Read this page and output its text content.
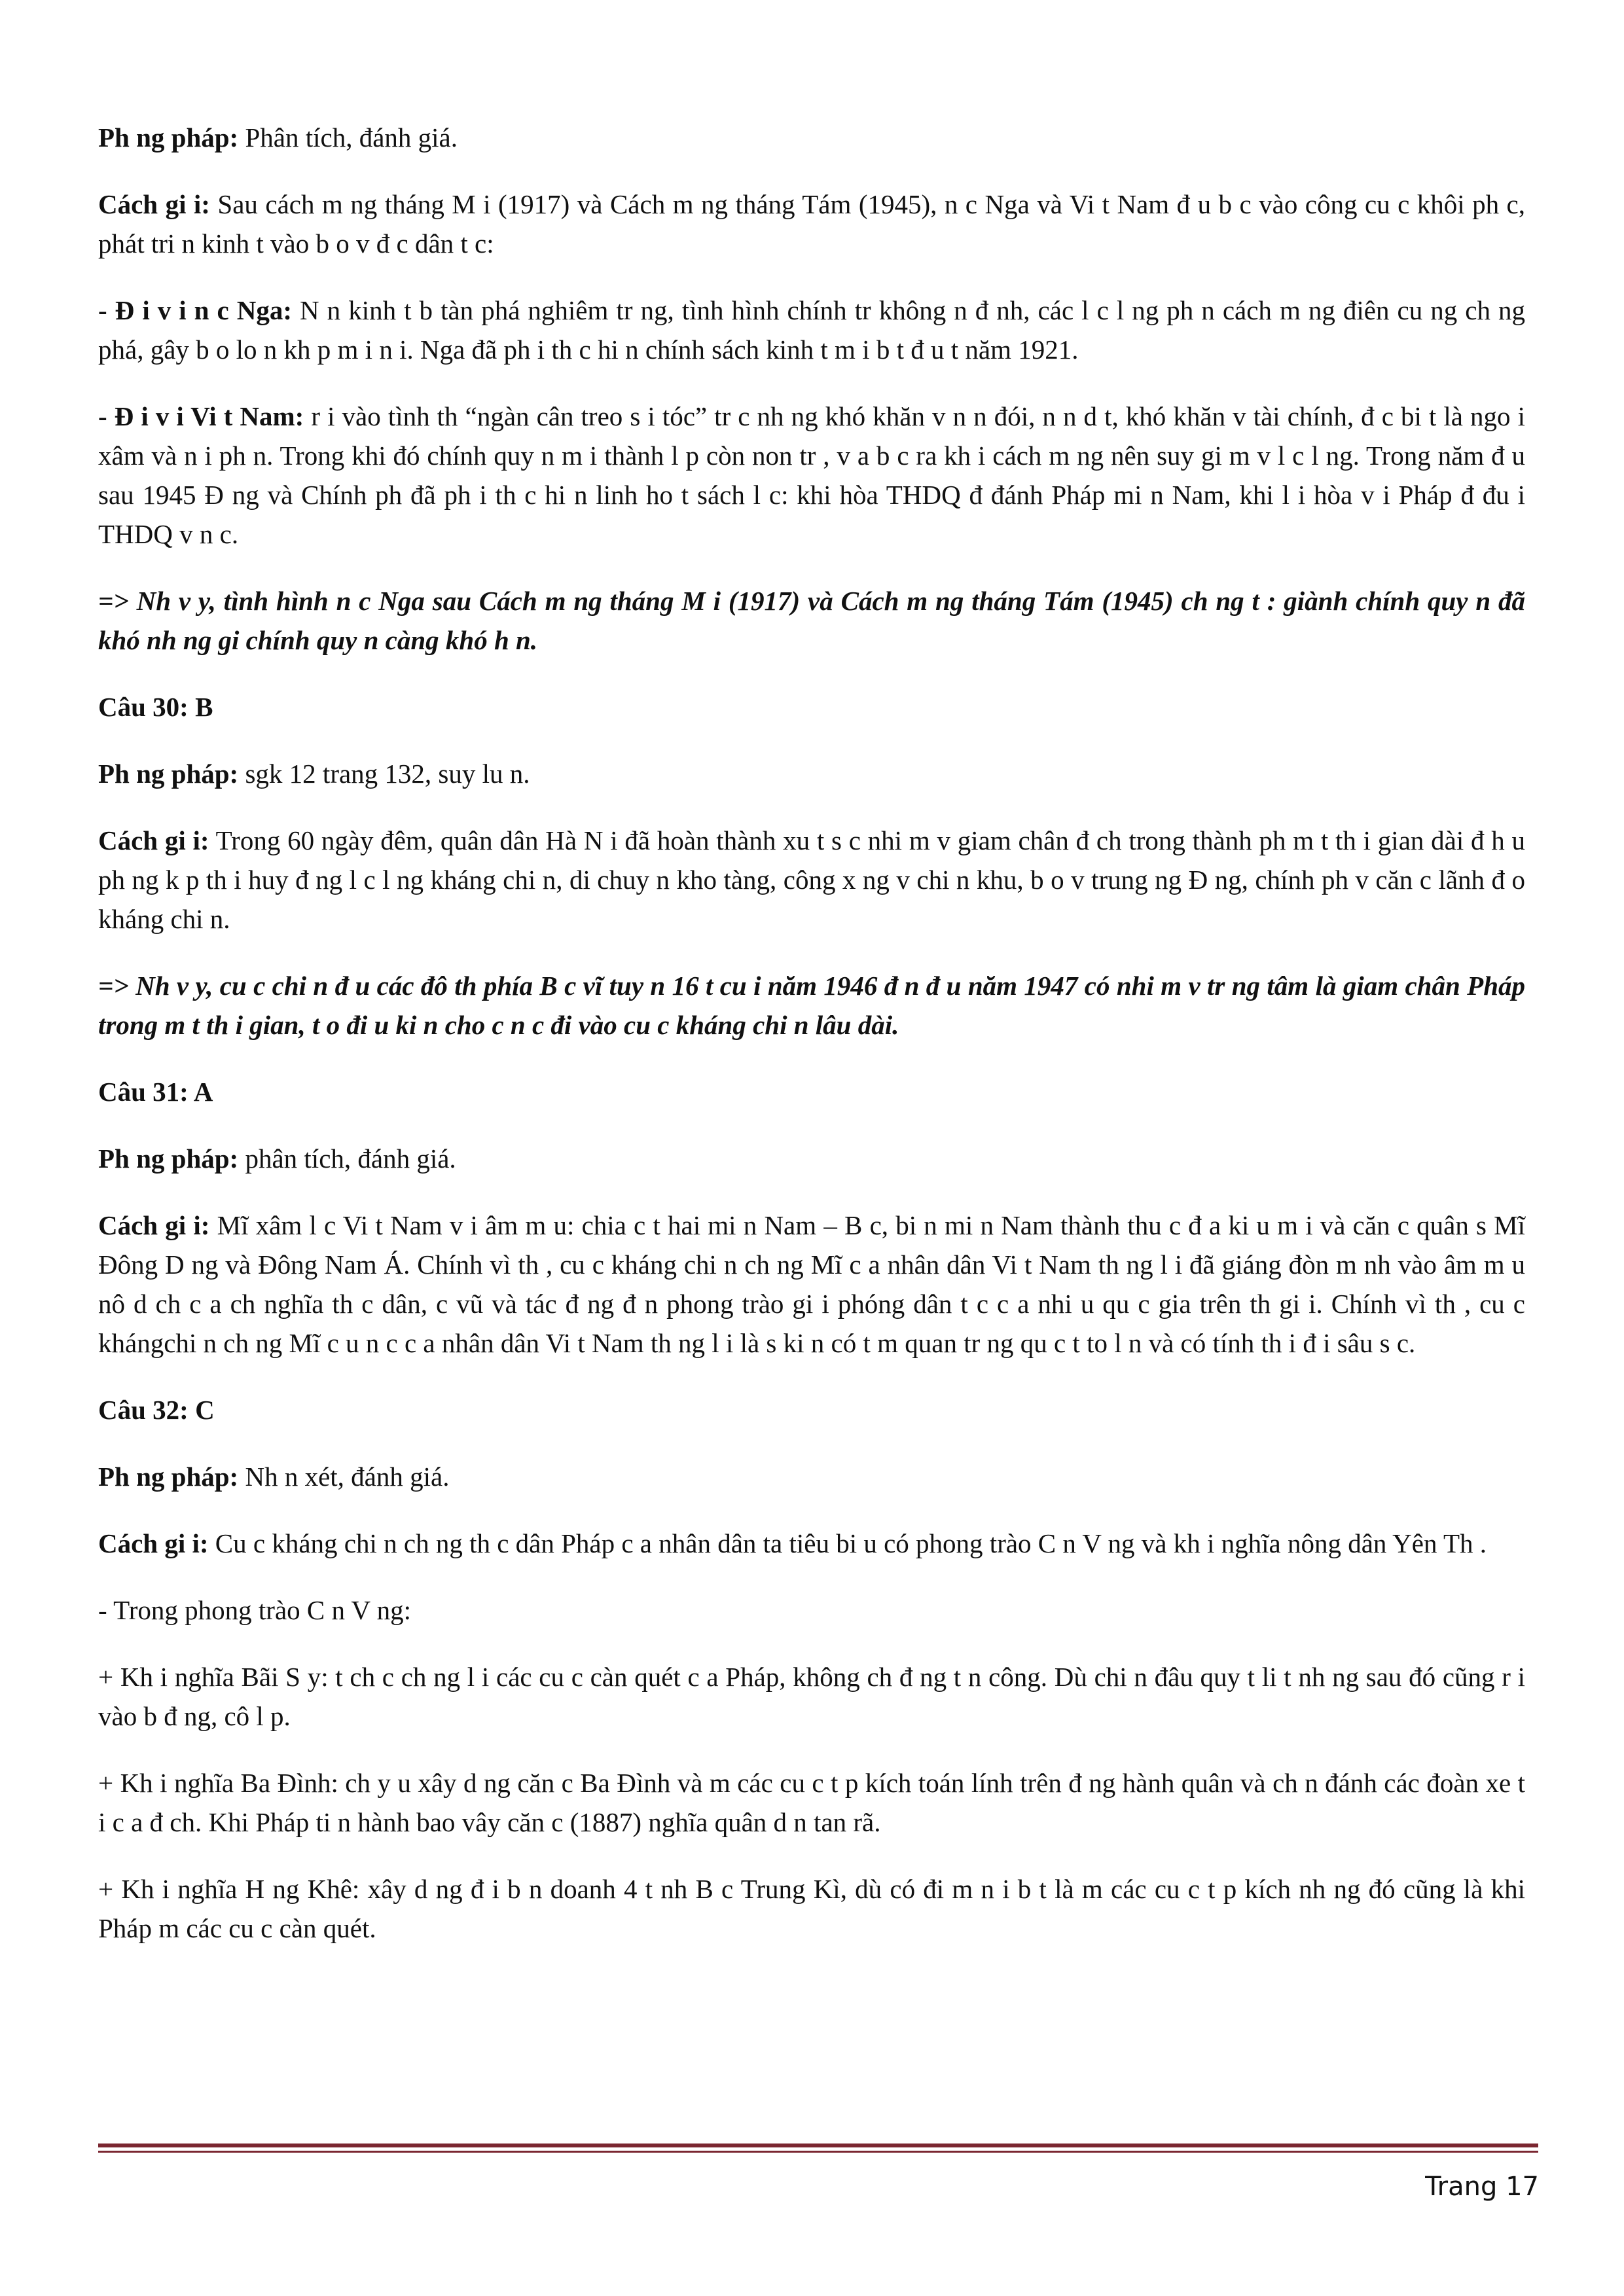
Ph ng pháp: Phân tích, đánh giá.

Cách gi i: Sau cách m ng tháng M i (1917) và Cách m ng tháng Tám (1945), n c Nga và Vi t Nam đ u b c vào công cu c khôi ph c, phát tri n kinh t vào b o v đ c dân t c:

- Đ i v i n c Nga: N n kinh t b tàn phá nghiêm tr ng, tình hình chính tr không n đ nh, các l c l ng ph n cách m ng điên cu ng ch ng phá, gây b o lo n kh p m i n i. Nga đã ph i th c hi n chính sách kinh t m i b t đ u t năm 1921.

- Đ i v i Vi t Nam: r i vào tình th “ngàn cân treo s i tóc” tr c nh ng khó khăn v n n đói, n n d t, khó khăn v tài chính, đ c bi t là ngo i xâm và n i ph n. Trong khi đó chính quy n m i thành l p còn non tr , v a b c ra kh i cách m ng nên suy gi m v l c l ng. Trong năm đ u sau 1945 Đ ng và Chính ph đã ph i th c hi n linh ho t sách l c: khi hòa THDQ đ đánh Pháp mi n Nam, khi l i hòa v i Pháp đ đu i THDQ v n c.

=> Nh v y, tình hình n c Nga sau Cách m ng tháng M i (1917) và Cách m ng tháng Tám (1945) ch ng t : giành chính quy n đã khó nh ng gi chính quy n càng khó h n.

Câu 30: B

Ph ng pháp: sgk 12 trang 132, suy lu n.

Cách gi i: Trong 60 ngày đêm, quân dân Hà N i đã hoàn thành xu t s c nhi m v giam chân đ ch trong thành ph m t th i gian dài đ h u ph ng k p th i huy đ ng l c l ng kháng chi n, di chuy n kho tàng, công x ng v chi n khu, b o v trung ng Đ ng, chính ph v căn c lãnh đ o kháng chi n.

=> Nh v y, cu c chi n đ u các đô th phía B c vĩ tuy n 16 t cu i năm 1946 đ n đ u năm 1947 có nhi m v tr ng tâm là giam chân Pháp trong m t th i gian, t o đi u ki n cho c n c đi vào cu c kháng chi n lâu dài.

Câu 31: A

Ph ng pháp: phân tích, đánh giá.

Cách gi i: Mĩ xâm l c Vi t Nam v i âm m u: chia c t hai mi n Nam – B c, bi n mi n Nam thành thu c đ a ki u m i và căn c quân s Mĩ Đông D ng và Đông Nam Á. Chính vì th , cu c kháng chi n ch ng Mĩ c a nhân dân Vi t Nam th ng l i đã giáng đòn m nh vào âm m u nô d ch c a ch nghĩa th c dân, c vũ và tác đ ng đ n phong trào gi i phóng dân t c c a nhi u qu c gia trên th gi i. Chính vì th , cu c khángchi n ch ng Mĩ c u n c c a nhân dân Vi t Nam th ng l i là s ki n có t m quan tr ng qu c t to l n và có tính th i đ i sâu s c.

Câu 32: C

Ph ng pháp: Nh n xét, đánh giá.

Cách gi i: Cu c kháng chi n ch ng th c dân Pháp c a nhân dân ta tiêu bi u có phong trào C n V ng và kh i nghĩa nông dân Yên Th .

- Trong phong trào C n V ng:

+ Kh i nghĩa Bãi S y: t ch c ch ng l i các cu c càn quét c a Pháp, không ch đ ng t n công. Dù chi n đâu quy t li t nh ng sau đó cũng r i vào b đ ng, cô l p.

+ Kh i nghĩa Ba Đình: ch y u xây d ng căn c Ba Đình và m các cu c t p kích toán lính trên đ ng hành quân và ch n đánh các đoàn xe t i c a đ ch. Khi Pháp ti n hành bao vây căn c (1887) nghĩa quân d n tan rã.

+ Kh i nghĩa H ng Khê: xây d ng đ i b n doanh 4 t nh B c Trung Kì, dù có đi m n i b t là m các cu c t p kích nh ng đó cũng là khi Pháp m các cu c càn quét.

Trang 17
